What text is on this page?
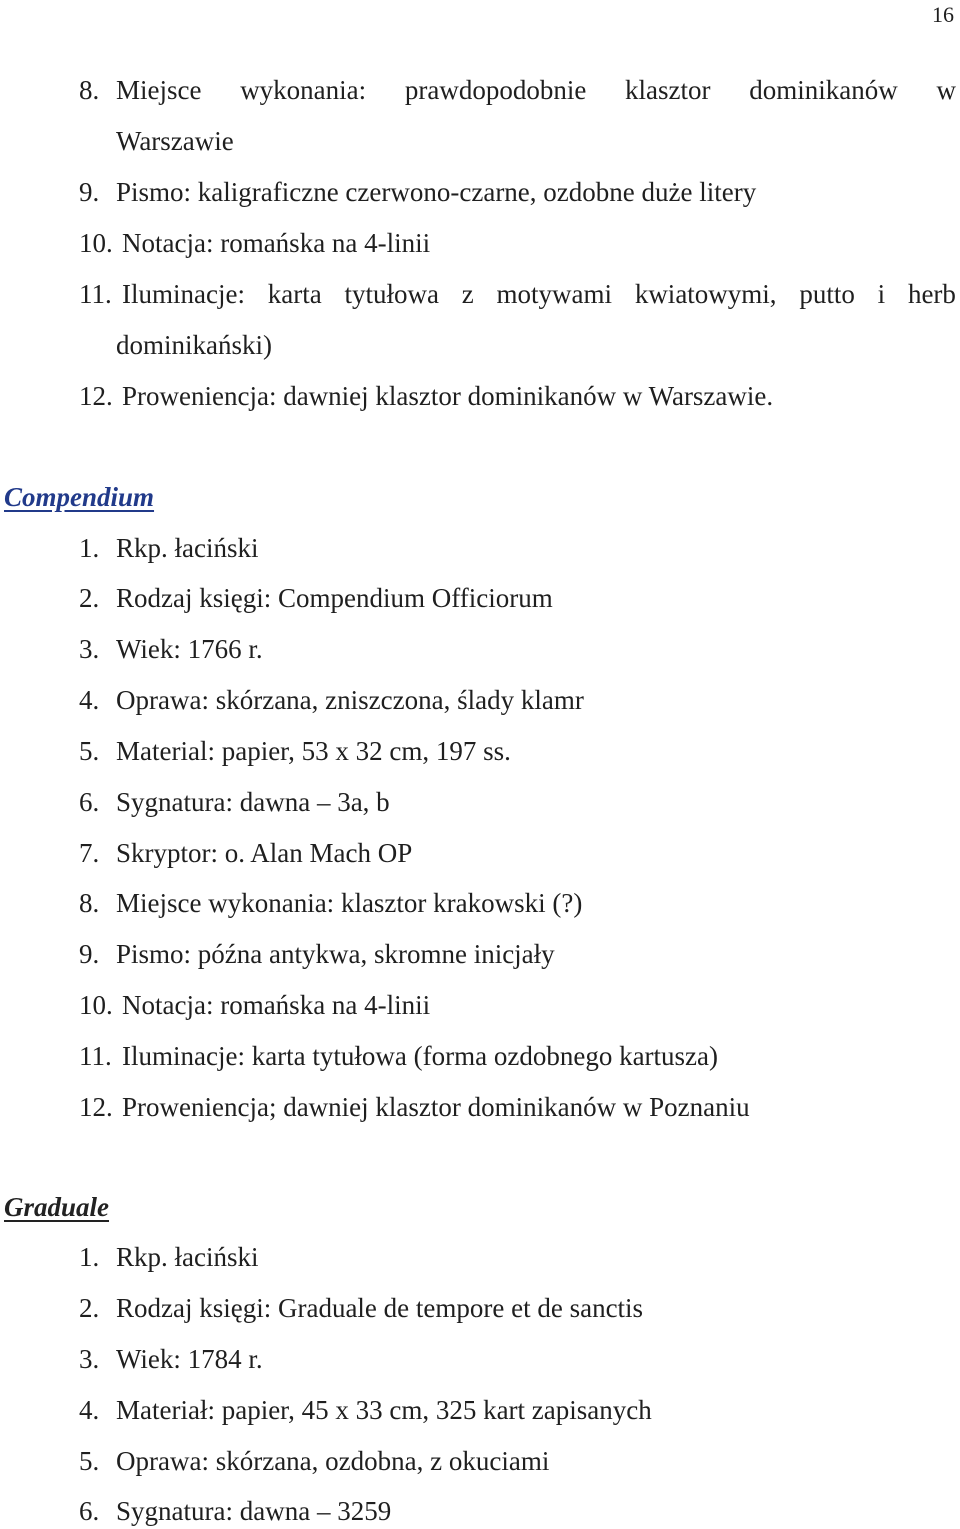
16
8. Miejsce wykonania: prawdopodobnie klasztor dominikanów w
Warszawie
9. Pismo: kaligraficzne czerwono-czarne, ozdobne duże litery
10. Notacja: romańska na 4-linii
11. Iluminacje: karta tytułowa z motywami kwiatowymi, putto i herb
dominikański)
12. Proweniencja: dawniej klasztor dominikanów w Warszawie.
Compendium
1. Rkp. łaciński
2. Rodzaj księgi: Compendium Officiorum
3. Wiek: 1766 r.
4. Oprawa: skórzana, zniszczona, ślady klamr
5. Material: papier, 53 x 32 cm, 197 ss.
6. Sygnatura: dawna – 3a, b
7. Skryptor: o. Alan Mach OP
8. Miejsce wykonania: klasztor krakowski (?)
9. Pismo: późna antykwa, skromne inicjały
10. Notacja: romańska na 4-linii
11. Iluminacje: karta tytułowa (forma ozdobnego kartusza)
12. Proweniencja; dawniej klasztor dominikanów w Poznaniu
Graduale
1. Rkp. łaciński
2. Rodzaj księgi: Graduale de tempore et de sanctis
3. Wiek: 1784 r.
4. Materiał: papier, 45 x 33 cm, 325 kart zapisanych
5. Oprawa: skórzana, ozdobna, z okuciami
6. Sygnatura: dawna – 3259
